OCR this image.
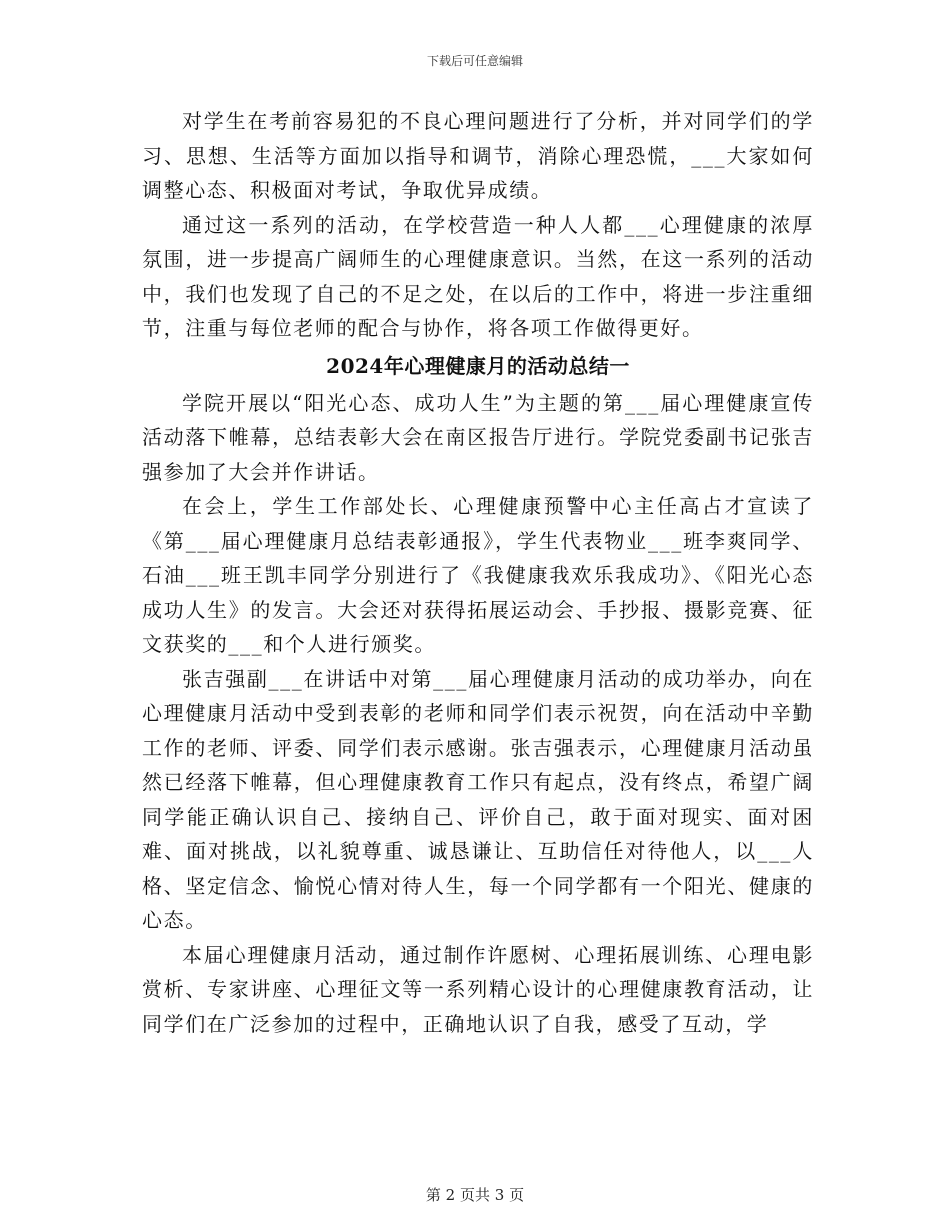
下载后可任意编辑

对学生在考前容易犯的不良心理问题进行了分析，并对同学们的学习、思想、生活等方面加以指导和调节，消除心理恐慌，___大家如何调整心态、积极面对考试，争取优异成绩。

通过这一系列的活动，在学校营造一种人人都___心理健康的浓厚氛围，进一步提高广阔师生的心理健康意识。当然，在这一系列的活动中，我们也发现了自己的不足之处，在以后的工作中，将进一步注重细节，注重与每位老师的配合与协作，将各项工作做得更好。

2024年心理健康月的活动总结一

学院开展以“阳光心态、成功人生”为主题的第___届心理健康宣传活动落下帷幕，总结表彰大会在南区报告厅进行。学院党委副书记张吉强参加了大会并作讲话。

在会上，学生工作部处长、心理健康预警中心主任高占才宣读了《第___届心理健康月总结表彰通报》，学生代表物业___班李爽同学、石油___班王凯丰同学分别进行了《我健康我欢乐我成功》、《阳光心态成功人生》的发言。大会还对获得拓展运动会、手抄报、摄影竞赛、征文获奖的___和个人进行颁奖。

张吉强副___在讲话中对第___届心理健康月活动的成功举办，向在心理健康月活动中受到表彰的老师和同学们表示祝贺，向在活动中辛勤工作的老师、评委、同学们表示感谢。张吉强表示，心理健康月活动虽然已经落下帷幕，但心理健康教育工作只有起点，没有终点，希望广阔同学能正确认识自己、接纳自己、评价自己，敢于面对现实、面对困难、面对挑战，以礼貌尊重、诚恳谦让、互助信任对待他人，以___人格、坚定信念、愉悦心情对待人生，每一个同学都有一个阳光、健康的心态。

本届心理健康月活动，通过制作许愿树、心理拓展训练、心理电影赏析、专家讲座、心理征文等一系列精心设计的心理健康教育活动，让同学们在广泛参加的过程中，正确地认识了自我，感受了互动，学

第 2 页共 3 页
